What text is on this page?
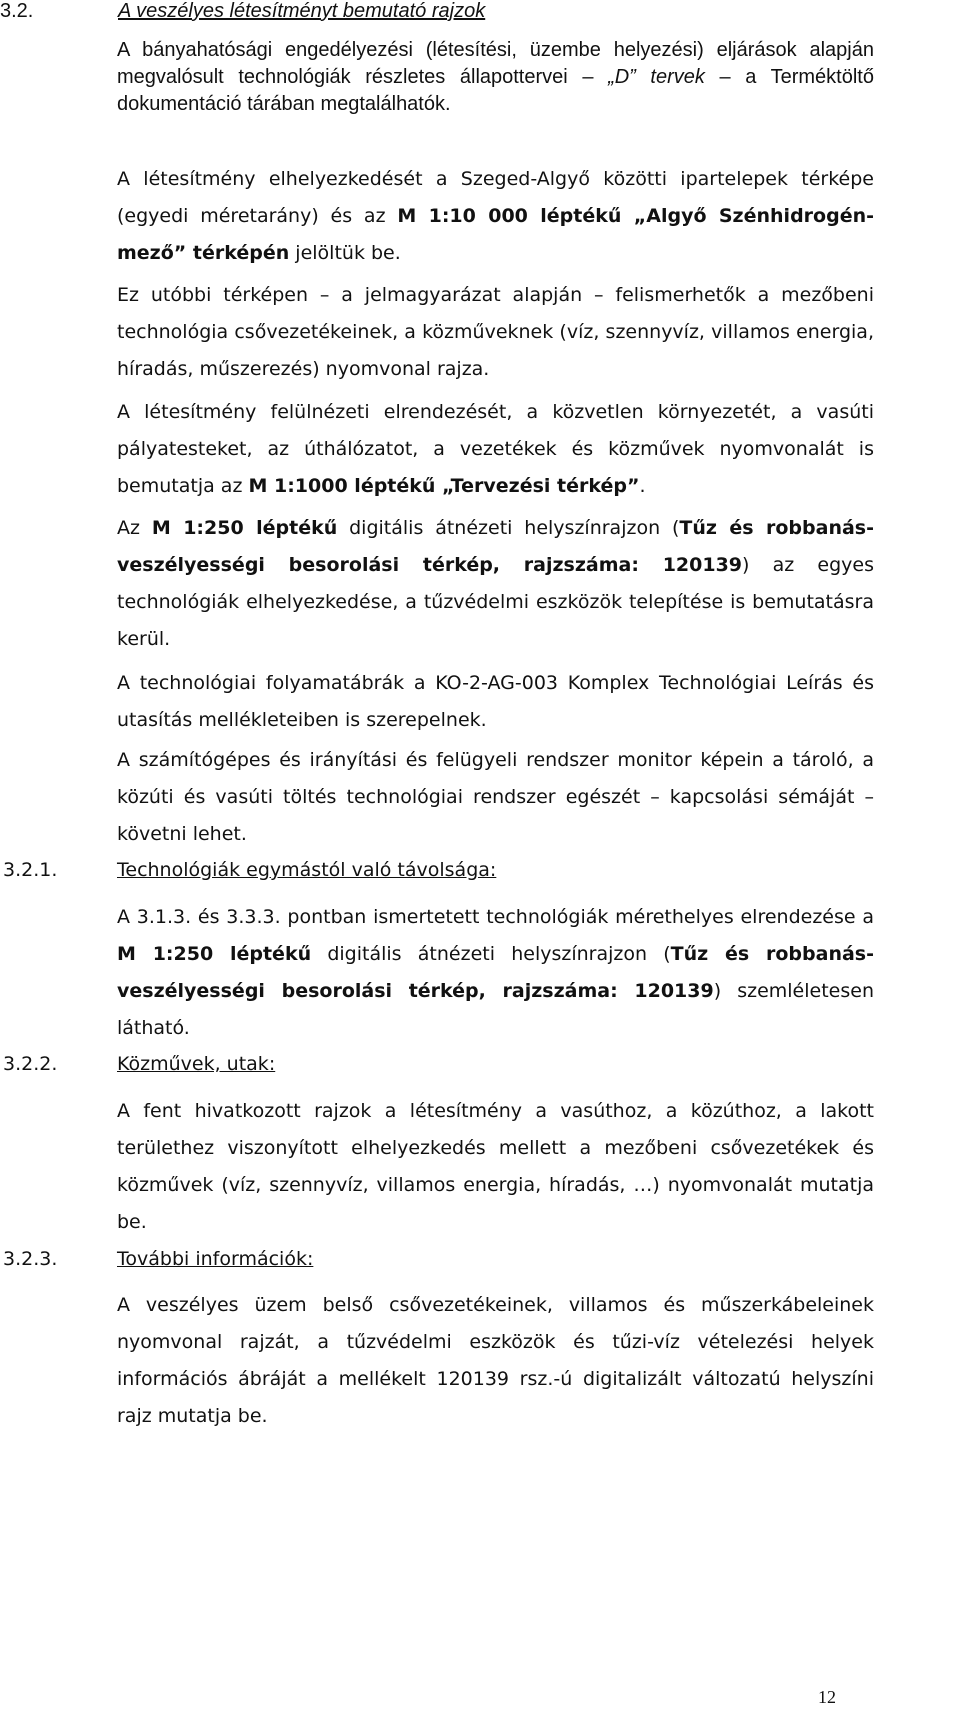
3.2.	A veszélyes létesítményt bemutató rajzok
A bányahatósági engedélyezési (létesítési, üzembe helyezési) eljárások alapján megvalósult technológiák részletes állapottervei – „D” tervek – a Terméktöltő dokumentáció tárában megtalálhatók.
A létesítmény elhelyezkedését a Szeged-Algyő közötti ipartelepek térképe (egyedi méretarány) és az M 1:10 000 léptékű „Algyő Szénhidrogén-mező” térképén jelöltük be.
Ez utóbbi térképen – a jelmagyarázat alapján – felismerhetők a mezőbeni technológia csővezetékeinek, a közműveknek (víz, szennyvíz, villamos energia, híradás, műszerezés) nyomvonal rajza.
A létesítmény felülnézeti elrendezését, a közvetlen környezetét, a vasúti pályatesteket, az úthálózatot, a vezetékek és közművek nyomvonalát is bemutatja az M 1:1000 léptékű „Tervezési térkép”.
Az M 1:250 léptékű digitális átnézeti helyszínrajzon (Tűz és robbanás-veszélyességi besorolási térkép, rajzszáma: 120139) az egyes technológiák elhelyezkedése, a tűzvédelmi eszközök telepítése is bemutatásra kerül.
A technológiai folyamatábrák a KO-2-AG-003 Komplex Technológiai Leírás és utasítás mellékleteiben is szerepelnek.
A számítógépes és irányítási és felügyeli rendszer monitor képein a tároló, a közúti és vasúti töltés technológiai rendszer egészét – kapcsolási sémáját – követni lehet.
3.2.1.	Technológiák egymástól való távolsága:
A 3.1.3. és 3.3.3. pontban ismertetett technológiák mérethelyes elrendezése a M 1:250 léptékű digitális átnézeti helyszínrajzon (Tűz és robbanás-veszélyességi besorolási térkép, rajzszáma: 120139) szemléletesen látható.
3.2.2.	Közművek, utak:
A fent hivatkozott rajzok a létesítmény a vasúthoz, a közúthoz, a lakott területhez viszonyított elhelyezkedés mellett a mezőbeni csővezetékek és közművek (víz, szennyvíz, villamos energia, híradás, …) nyomvonalát mutatja be.
3.2.3.	További információk:
A veszélyes üzem belső csővezetékeinek, villamos és műszerkábeleinek nyomvonal rajzát, a tűzvédelmi eszközök és tűzi-víz vételezési helyek információs ábráját a mellékelt 120139 rsz.-ú digitalizált változatú helyszíni rajz mutatja be.
12
